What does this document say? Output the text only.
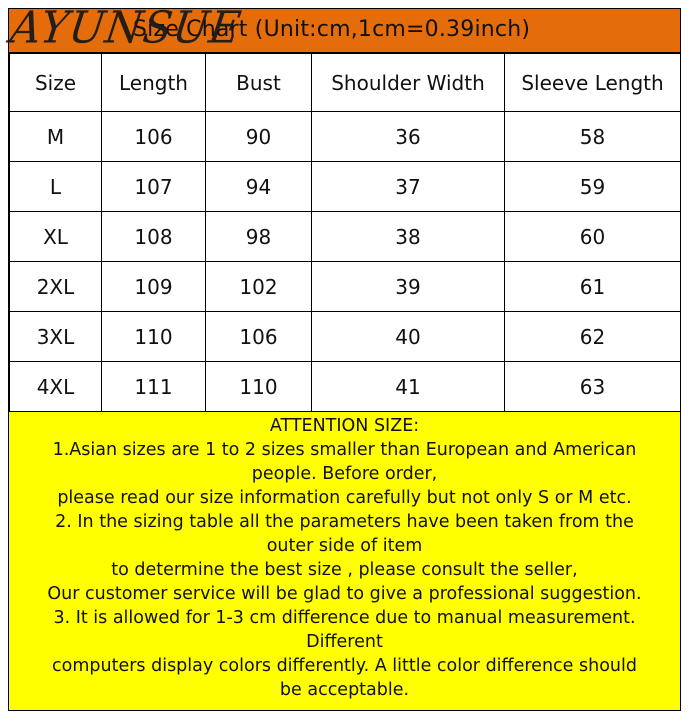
Size Chart (Unit:cm,1cm=0.39inch)
AYUNSUE
Size	Length	Bust	Shoulder Width	Sleeve Length
M	106	90	36	58
L	107	94	37	59
XL	108	98	38	60
2XL	109	102	39	61
3XL	110	106	40	62
4XL	111	110	41	63
ATTENTION SIZE:
1.Asian sizes are 1 to 2 sizes smaller than European and American
people. Before order,
please read our size information carefully but not only S or M etc.
2. In the sizing table all the parameters have been taken from the
outer side of item
to determine the best size , please consult the seller,
Our customer service will be glad to give a professional suggestion.
3. It is allowed for 1-3 cm difference due to manual measurement.
Different
computers display colors differently. A little color difference should
be acceptable.
